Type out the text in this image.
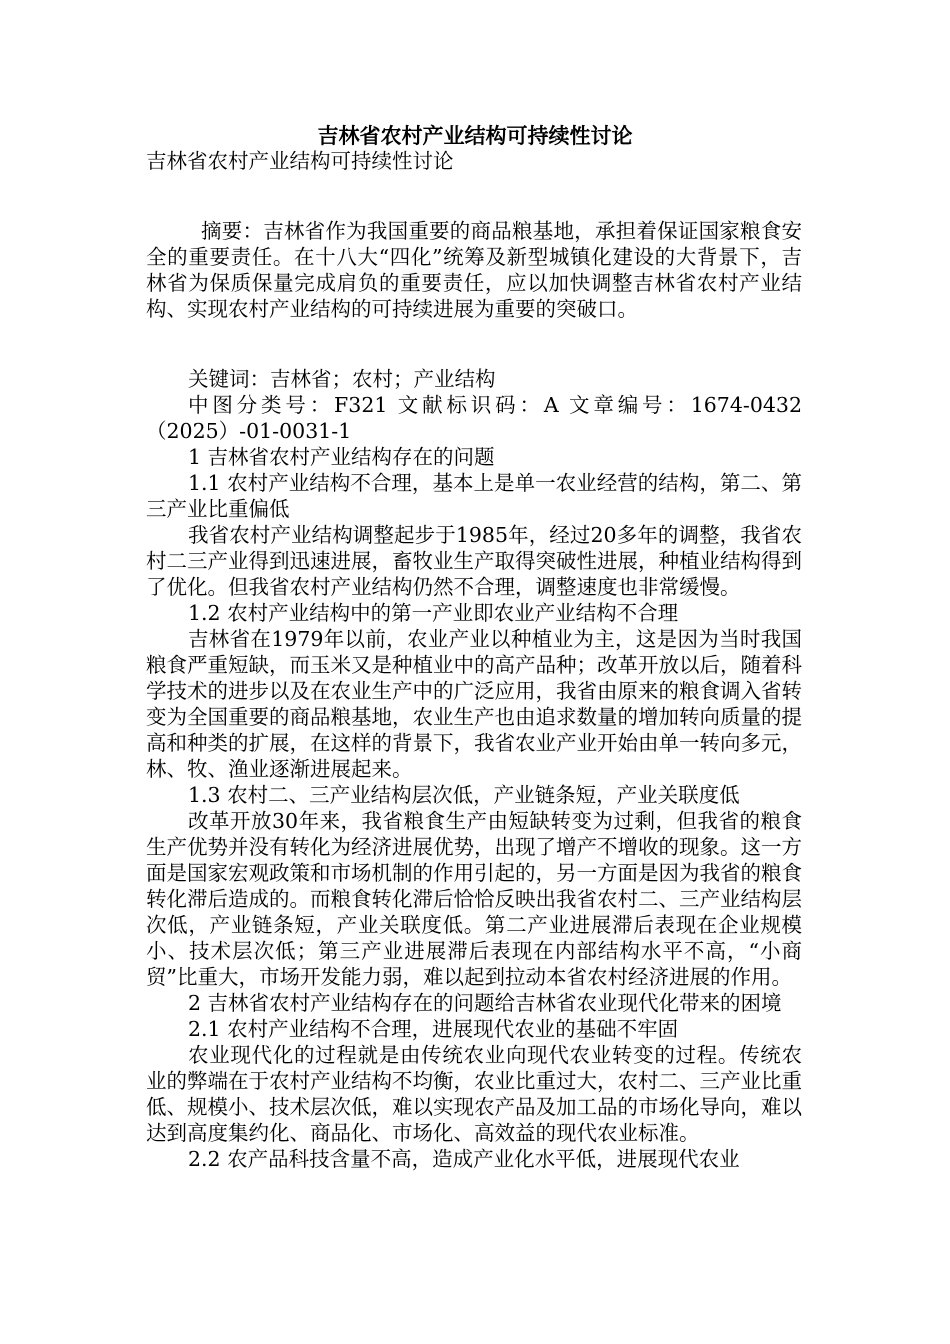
吉林省农村产业结构可持续性讨论

吉林省农村产业结构可持续性讨论

摘要：吉林省作为我国重要的商品粮基地，承担着保证国家粮食安全的重要责任。在十八大“四化”统筹及新型城镇化建设的大背景下，吉林省为保质保量完成肩负的重要责任，应以加快调整吉林省农村产业结构、实现农村产业结构的可持续进展为重要的突破口。

关键词：吉林省；农村；产业结构

中图分类号：F321 文献标识码：A 文章编号：1674-0432（2025）-01-0031-1

1 吉林省农村产业结构存在的问题

1.1 农村产业结构不合理，基本上是单一农业经营的结构，第二、第三产业比重偏低

我省农村产业结构调整起步于1985年，经过20多年的调整，我省农村二三产业得到迅速进展，畜牧业生产取得突破性进展，种植业结构得到了优化。但我省农村产业结构仍然不合理，调整速度也非常缓慢。

1.2 农村产业结构中的第一产业即农业产业结构不合理

吉林省在1979年以前，农业产业以种植业为主，这是因为当时我国粮食严重短缺，而玉米又是种植业中的高产品种；改革开放以后，随着科学技术的进步以及在农业生产中的广泛应用，我省由原来的粮食调入省转变为全国重要的商品粮基地，农业生产也由追求数量的增加转向质量的提高和种类的扩展，在这样的背景下，我省农业产业开始由单一转向多元，林、牧、渔业逐渐进展起来。

1.3 农村二、三产业结构层次低，产业链条短，产业关联度低

改革开放30年来，我省粮食生产由短缺转变为过剩，但我省的粮食生产优势并没有转化为经济进展优势，出现了增产不增收的现象。这一方面是国家宏观政策和市场机制的作用引起的，另一方面是因为我省的粮食转化滞后造成的。而粮食转化滞后恰恰反映出我省农村二、三产业结构层次低，产业链条短，产业关联度低。第二产业进展滞后表现在企业规模小、技术层次低；第三产业进展滞后表现在内部结构水平不高，“小商贸”比重大，市场开发能力弱，难以起到拉动本省农村经济进展的作用。

2 吉林省农村产业结构存在的问题给吉林省农业现代化带来的困境

2.1 农村产业结构不合理，进展现代农业的基础不牢固

农业现代化的过程就是由传统农业向现代农业转变的过程。传统农业的弊端在于农村产业结构不均衡，农业比重过大，农村二、三产业比重低、规模小、技术层次低，难以实现农产品及加工品的市场化导向，难以达到高度集约化、商品化、市场化、高效益的现代农业标准。

2.2 农产品科技含量不高，造成产业化水平低，进展现代农业
